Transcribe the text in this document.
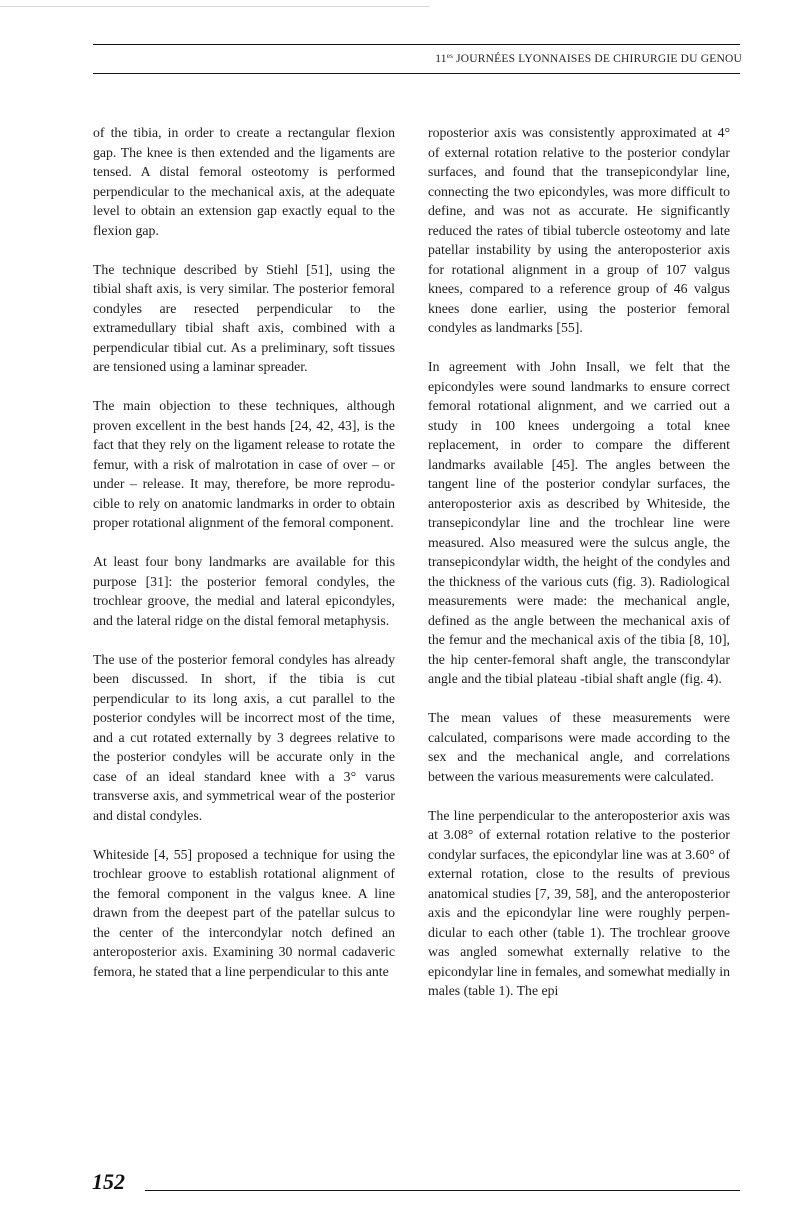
$11^{es}$ JOURNÉES LYONNAISES DE CHIRURGIE DU GENOU

of the tibia, in order to create a rectangular flexion gap. The knee is then extended and the ligaments are tensed. A distal femoral osteotomy is performed perpendicular to the mechanical axis, at the adequate level to obtain an extension gap exactly equal to the flexion gap.

The technique described by Stiehl [51], using the tibial shaft axis, is very similar. The posterior femoral condyles are resected perpendicular to the extramedullary tibial shaft axis, combined with a perpendicular tibial cut. As a preliminary, soft tissues are tensioned using a laminar spreader.

The main objection to these techniques, although proven excellent in the best hands [24, 42, 43], is the fact that they rely on the ligament release to rotate the femur, with a risk of malrotation in case of over – or under – release. It may, therefore, be more reproducible to rely on anatomic landmarks in order to obtain proper rotational alignment of the femoral component.

At least four bony landmarks are available for this purpose [31]: the posterior femoral condyles, the trochlear groove, the medial and lateral epicondyles, and the lateral ridge on the distal femoral metaphysis.

The use of the posterior femoral condyles has already been discussed. In short, if the tibia is cut perpendicular to its long axis, a cut parallel to the posterior condyles will be incorrect most of the time, and a cut rotated externally by 3 degrees relative to the posterior condyles will be accurate only in the case of an ideal standard knee with a 3° varus transverse axis, and symmetrical wear of the posterior and distal condyles.

Whiteside [4, 55] proposed a technique for using the trochlear groove to establish rotational alignment of the femoral component in the valgus knee. A line drawn from the deepest part of the patellar sulcus to the center of the intercondylar notch defined an anteroposterior axis. Examining 30 normal cadaveric femora, he stated that a line perpendicular to this ante

roposterior axis was consistently approximated at 4° of external rotation relative to the posterior condylar surfaces, and found that the transepicondylar line, connecting the two epicondyles, was more difficult to define, and was not as accurate. He significantly reduced the rates of tibial tubercle osteotomy and late patellar instability by using the anteroposterior axis for rotational alignment in a group of 107 valgus knees, compared to a reference group of 46 valgus knees done earlier, using the posterior femoral condyles as landmarks [55].

In agreement with John Insall, we felt that the epicondyles were sound landmarks to ensure correct femoral rotational alignment, and we carried out a study in 100 knees undergoing a total knee replacement, in order to compare the different landmarks available [45]. The angles between the tangent line of the posterior condylar surfaces, the anteroposterior axis as described by Whiteside, the transepicondylar line and the trochlear line were measured. Also measured were the sulcus angle, the transepicondylar width, the height of the condyles and the thickness of the various cuts (fig. 3). Radiological measurements were made: the mechanical angle, defined as the angle between the mechanical axis of the femur and the mechanical axis of the tibia [8, 10], the hip center-femoral shaft angle, the transcondylar angle and the tibial plateau -tibial shaft angle (fig. 4).

The mean values of these measurements were calculated, comparisons were made according to the sex and the mechanical angle, and correlations between the various measurements were calculated.

The line perpendicular to the anteroposterior axis was at 3.08° of external rotation relative to the posterior condylar surfaces, the epicondylar line was at 3.60° of external rotation, close to the results of previous anatomical studies [7, 39, 58], and the anteroposterior axis and the epicondylar line were roughly perpendicular to each other (table 1). The trochlear groove was angled somewhat externally relative to the epicondylar line in females, and somewhat medially in males (table 1). The epi

152
